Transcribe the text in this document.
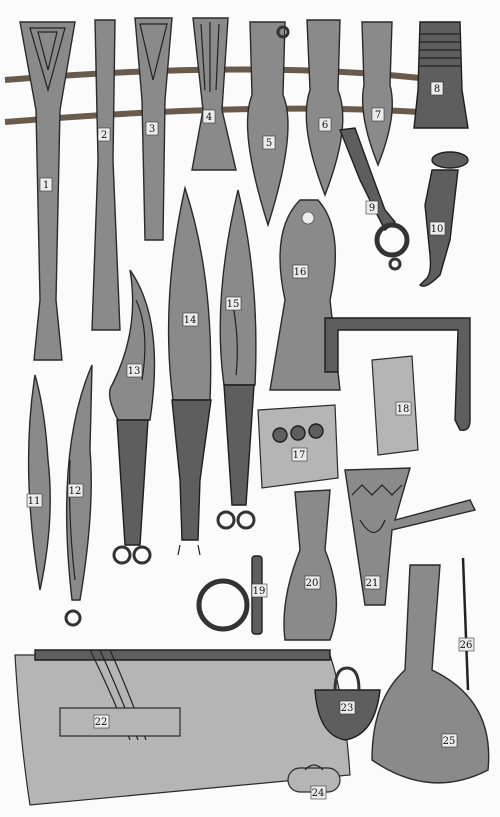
1
2
3
4
5
6
7
8
9
10
11
12
13
14
15
16
17
18
19
20	21
22
23
24
25
26
